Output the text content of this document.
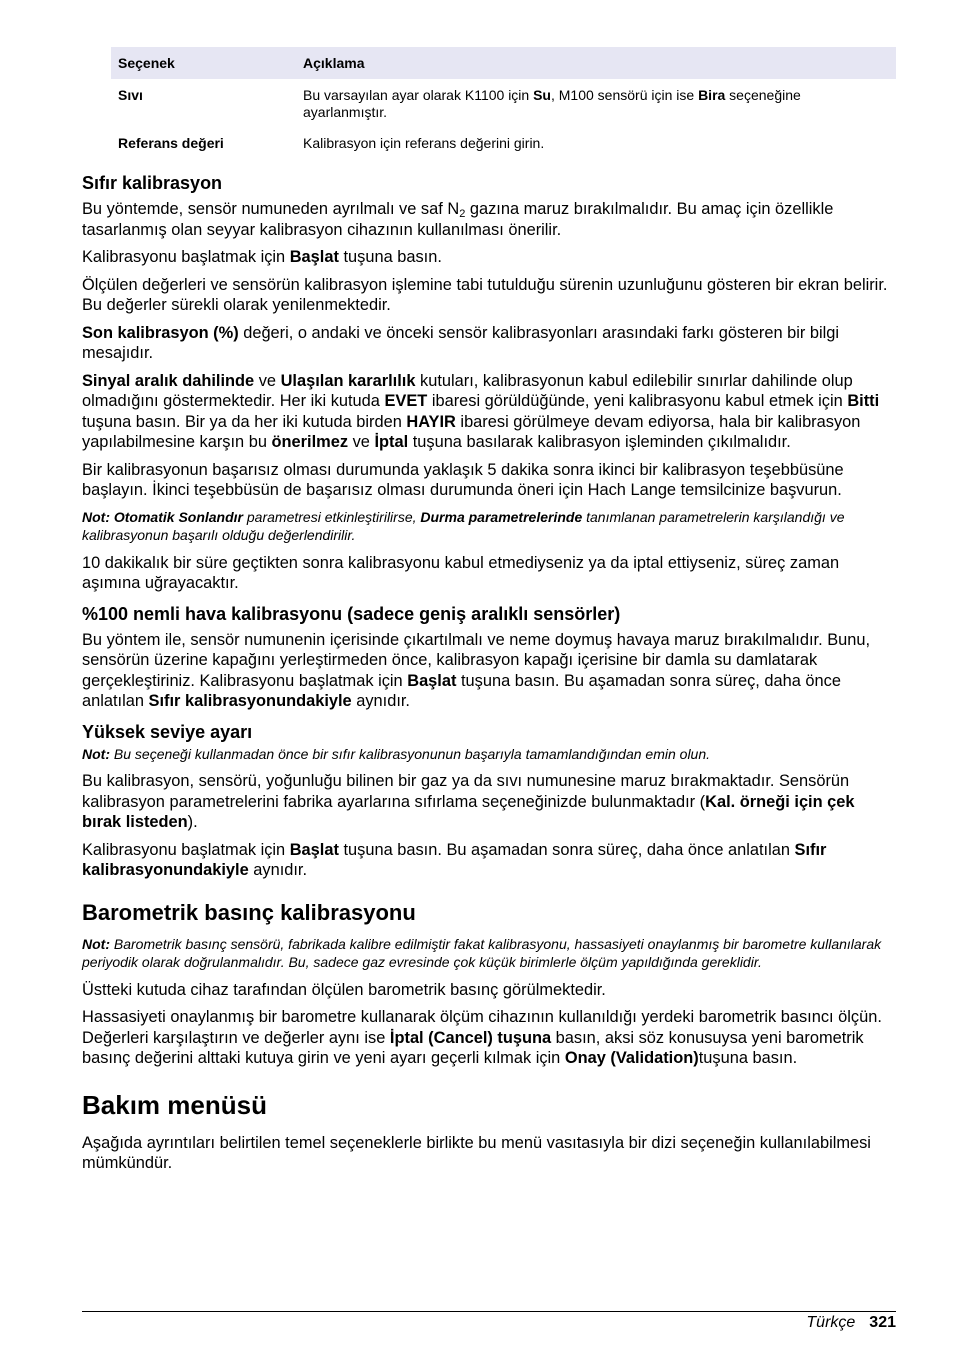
Seçenek	Açıklama
Sıvı	Bu varsayılan ayar olarak K1100 için Su, M100 sensörü için ise Bira seçeneğine ayarlanmıştır.
Referans değeri	Kalibrasyon için referans değerini girin.
Sıfır kalibrasyon

Bu yöntemde, sensör numuneden ayrılmalı ve saf $N_2$ gazına maruz bırakılmalıdır. Bu amaç için özellikle tasarlanmış olan seyyar kalibrasyon cihazının kullanılması önerilir.

Kalibrasyonu başlatmak için Başlat tuşuna basın.

Ölçülen değerleri ve sensörün kalibrasyon işlemine tabi tutulduğu sürenin uzunluğunu gösteren bir ekran belirir. Bu değerler sürekli olarak yenilenmektedir.

Son kalibrasyon (%) değeri, o andaki ve önceki sensör kalibrasyonları arasındaki farkı gösteren bir bilgi mesajıdır.

Sinyal aralık dahilinde ve Ulaşılan kararlılık kutuları, kalibrasyonun kabul edilebilir sınırlar dahilinde olup olmadığını göstermektedir. Her iki kutuda EVET ibaresi görüldüğünde, yeni kalibrasyonu kabul etmek için Bitti tuşuna basın. Bir ya da her iki kutuda birden HAYIR ibaresi görülmeye devam ediyorsa, hala bir kalibrasyon yapılabilmesine karşın bu önerilmez ve İptal tuşuna basılarak kalibrasyon işleminden çıkılmalıdır.

Bir kalibrasyonun başarısız olması durumunda yaklaşık 5 dakika sonra ikinci bir kalibrasyon teşebbüsüne başlayın. İkinci teşebbüsün de başarısız olması durumunda öneri için Hach Lange temsilcinize başvurun.

Not: Otomatik Sonlandır parametresi etkinleştirilirse, Durma parametrelerinde tanımlanan parametrelerin karşılandığı ve kalibrasyonun başarılı olduğu değerlendirilir.

10 dakikalık bir süre geçtikten sonra kalibrasyonu kabul etmediyseniz ya da iptal ettiyseniz, süreç zaman aşımına uğrayacaktır.

%100 nemli hava kalibrasyonu (sadece geniş aralıklı sensörler)

Bu yöntem ile, sensör numunenin içerisinde çıkartılmalı ve neme doymuş havaya maruz bırakılmalıdır. Bunu, sensörün üzerine kapağını yerleştirmeden önce, kalibrasyon kapağı içerisine bir damla su damlatarak gerçekleştiriniz. Kalibrasyonu başlatmak için Başlat tuşuna basın. Bu aşamadan sonra süreç, daha önce anlatılan Sıfır kalibrasyonundakiyle aynıdır.

Yüksek seviye ayarı

Not: Bu seçeneği kullanmadan önce bir sıfır kalibrasyonunun başarıyla tamamlandığından emin olun.

Bu kalibrasyon, sensörü, yoğunluğu bilinen bir gaz ya da sıvı numunesine maruz bırakmaktadır. Sensörün kalibrasyon parametrelerini fabrika ayarlarına sıfırlama seçeneğinizde bulunmaktadır (Kal. örneği için çek bırak listeden).

Kalibrasyonu başlatmak için Başlat tuşuna basın. Bu aşamadan sonra süreç, daha önce anlatılan Sıfır kalibrasyonundakiyle aynıdır.

Barometrik basınç kalibrasyonu

Not: Barometrik basınç sensörü, fabrikada kalibre edilmiştir fakat kalibrasyonu, hassasiyeti onaylanmış bir barometre kullanılarak periyodik olarak doğrulanmalıdır. Bu, sadece gaz evresinde çok küçük birimlerle ölçüm yapıldığında gereklidir.

Üstteki kutuda cihaz tarafından ölçülen barometrik basınç görülmektedir.

Hassasiyeti onaylanmış bir barometre kullanarak ölçüm cihazının kullanıldığı yerdeki barometrik basıncı ölçün. Değerleri karşılaştırın ve değerler aynı ise İptal (Cancel) tuşuna basın, aksi söz konusuysa yeni barometrik basınç değerini alttaki kutuya girin ve yeni ayarı geçerli kılmak için Onay (Validation)tuşuna basın.

Bakım menüsü

Aşağıda ayrıntıları belirtilen temel seçeneklerle birlikte bu menü vasıtasıyla bir dizi seçeneğin kullanılabilmesi mümkündür.

Türkçe 321
